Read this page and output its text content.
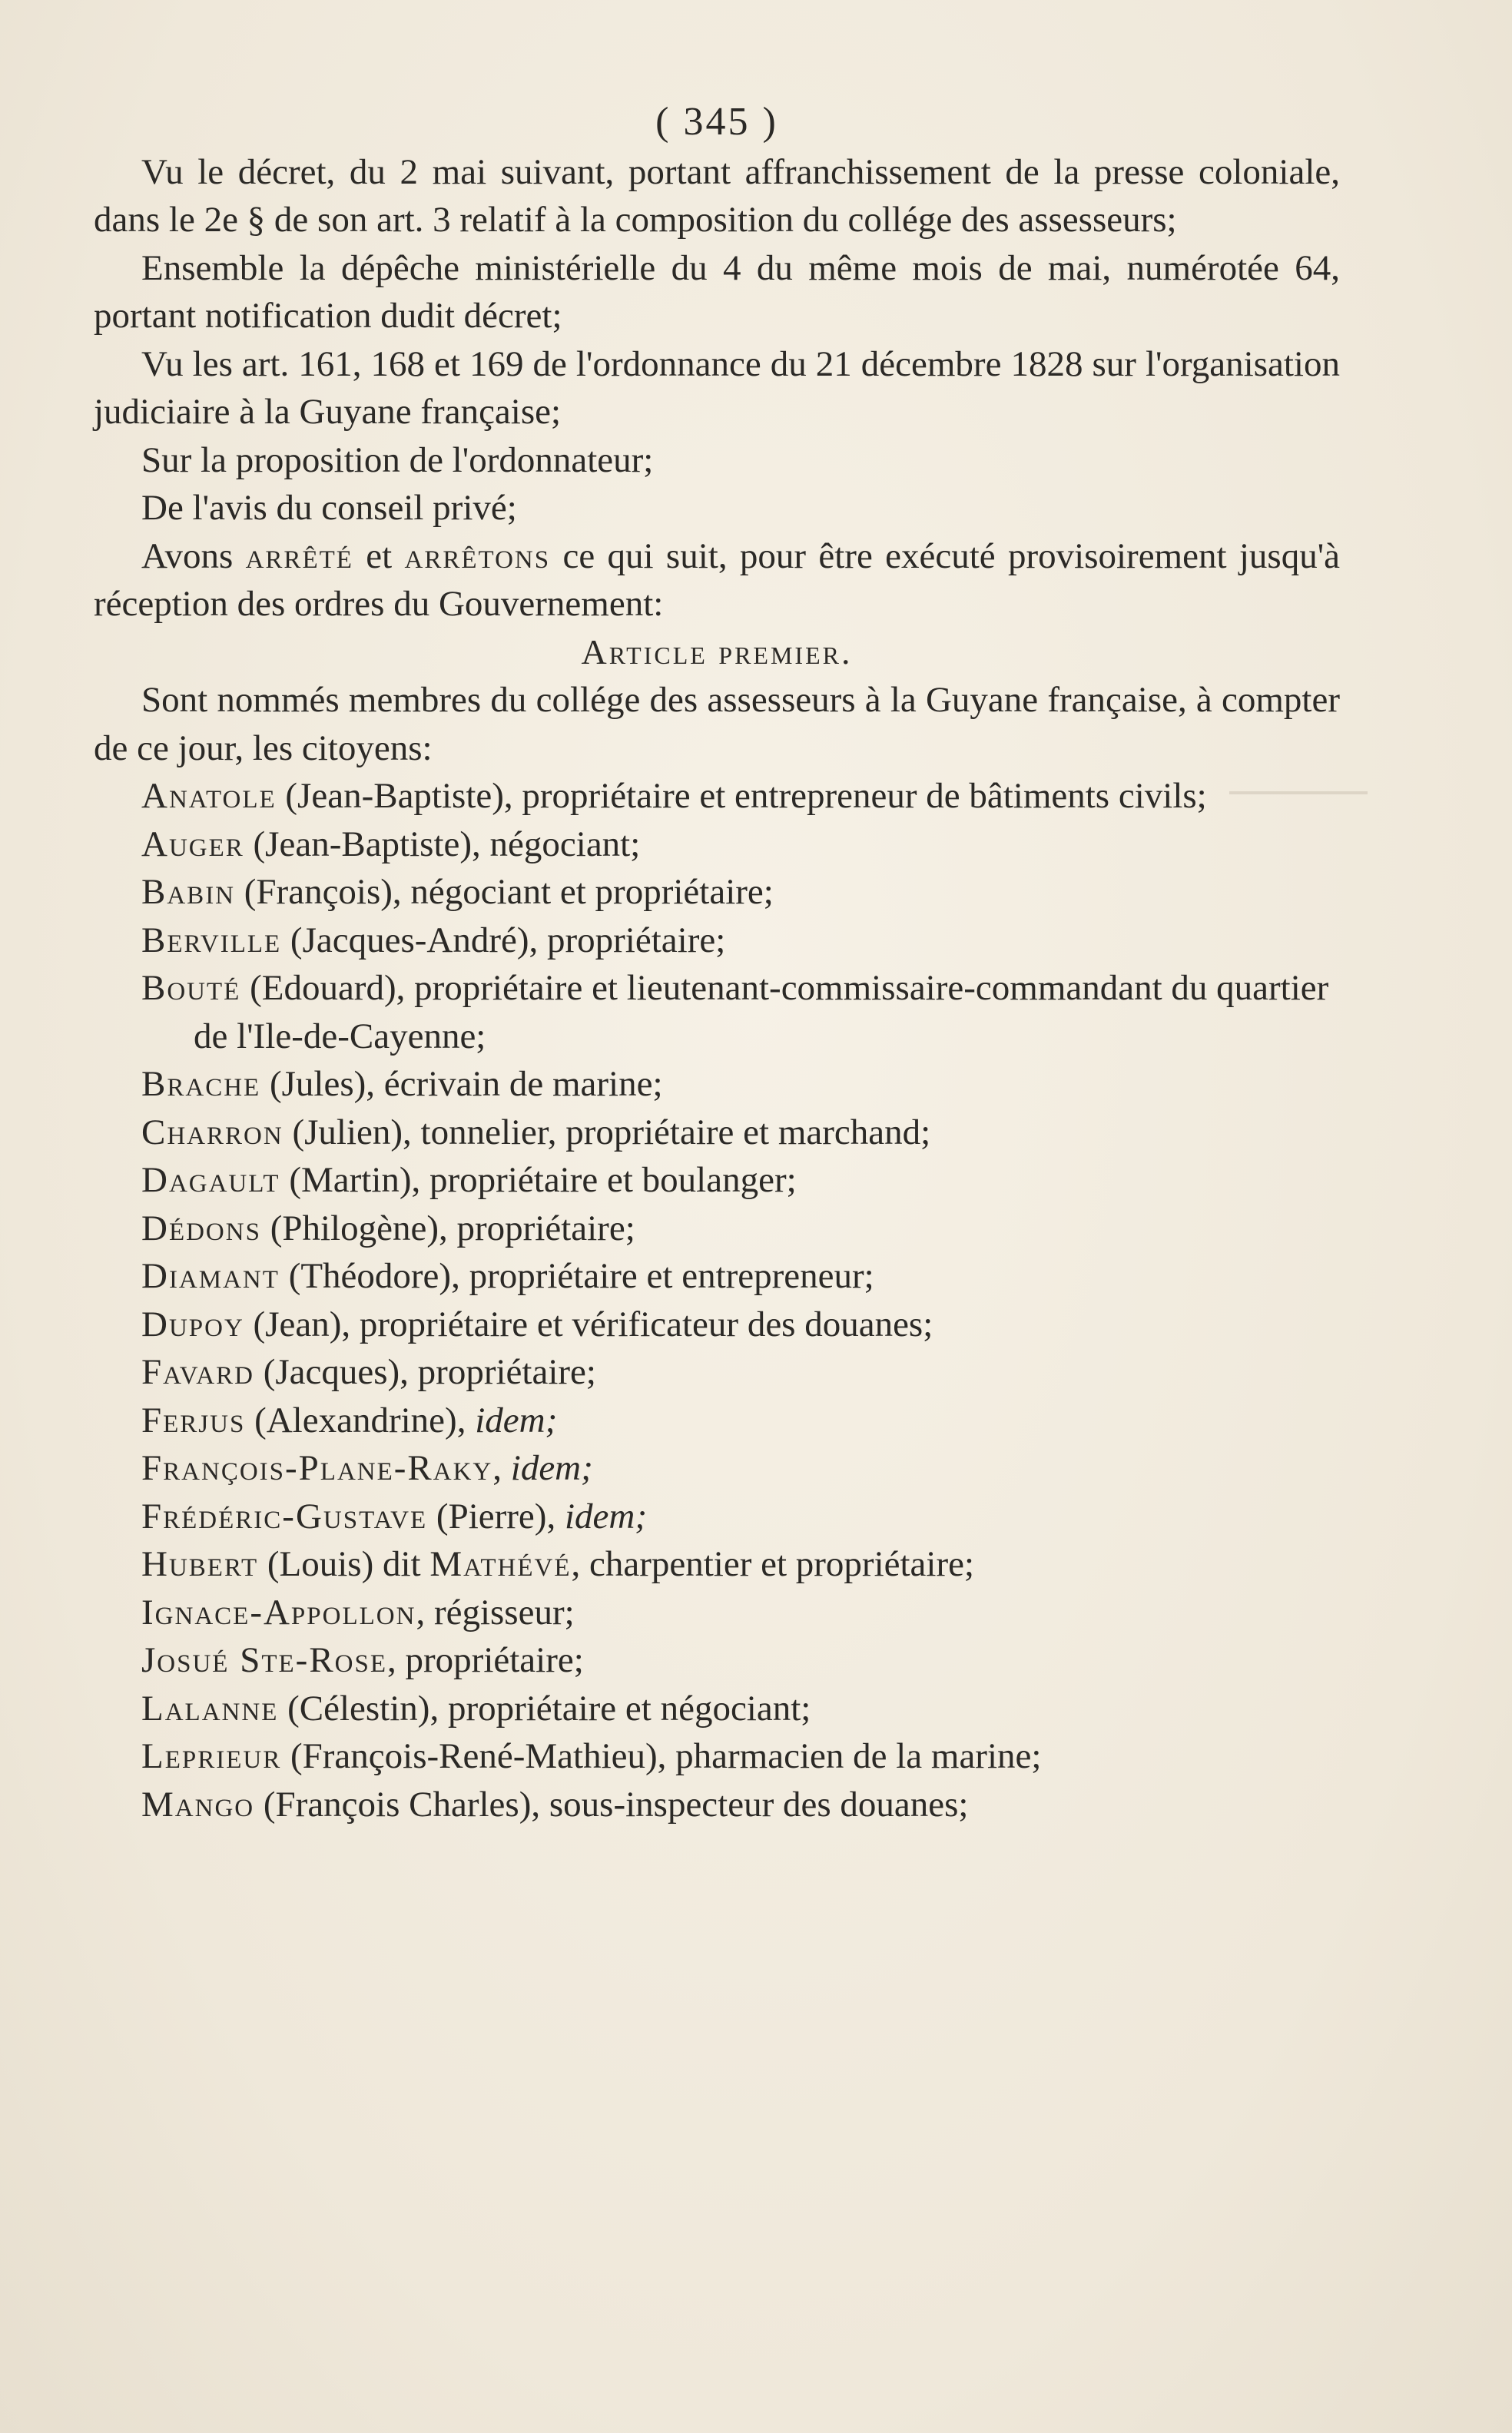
( 345 )

Vu le décret, du 2 mai suivant, portant affranchissement de la presse coloniale, dans le 2e § de son art. 3 relatif à la composition du collége des assesseurs;

Ensemble la dépêche ministérielle du 4 du même mois de mai, numérotée 64, portant notification dudit décret;

Vu les art. 161, 168 et 169 de l'ordonnance du 21 décembre 1828 sur l'organisation judiciaire à la Guyane française;

Sur la proposition de l'ordonnateur;

De l'avis du conseil privé;

Avons arrêté et arrêtons ce qui suit, pour être exécuté provisoirement jusqu'à réception des ordres du Gouvernement:

Article premier.

Sont nommés membres du collége des assesseurs à la Guyane française, à compter de ce jour, les citoyens:

Anatole (Jean-Baptiste), propriétaire et entrepreneur de bâtiments civils;

Auger (Jean-Baptiste), négociant;

Babin (François), négociant et propriétaire;

Berville (Jacques-André), propriétaire;

Bouté (Edouard), propriétaire et lieutenant-commissaire-commandant du quartier de l'Ile-de-Cayenne;

Brache (Jules), écrivain de marine;

Charron (Julien), tonnelier, propriétaire et marchand;

Dagault (Martin), propriétaire et boulanger;

Dédons (Philogène), propriétaire;

Diamant (Théodore), propriétaire et entrepreneur;

Dupoy (Jean), propriétaire et vérificateur des douanes;

Favard (Jacques), propriétaire;

Ferjus (Alexandrine), idem;

François-Plane-Raky, idem;

Frédéric-Gustave (Pierre), idem;

Hubert (Louis) dit Mathévé, charpentier et propriétaire;

Ignace-Appollon, régisseur;

Josué Ste-Rose, propriétaire;

Lalanne (Célestin), propriétaire et négociant;

Leprieur (François-René-Mathieu), pharmacien de la marine;

Mango (François Charles), sous-inspecteur des douanes;
